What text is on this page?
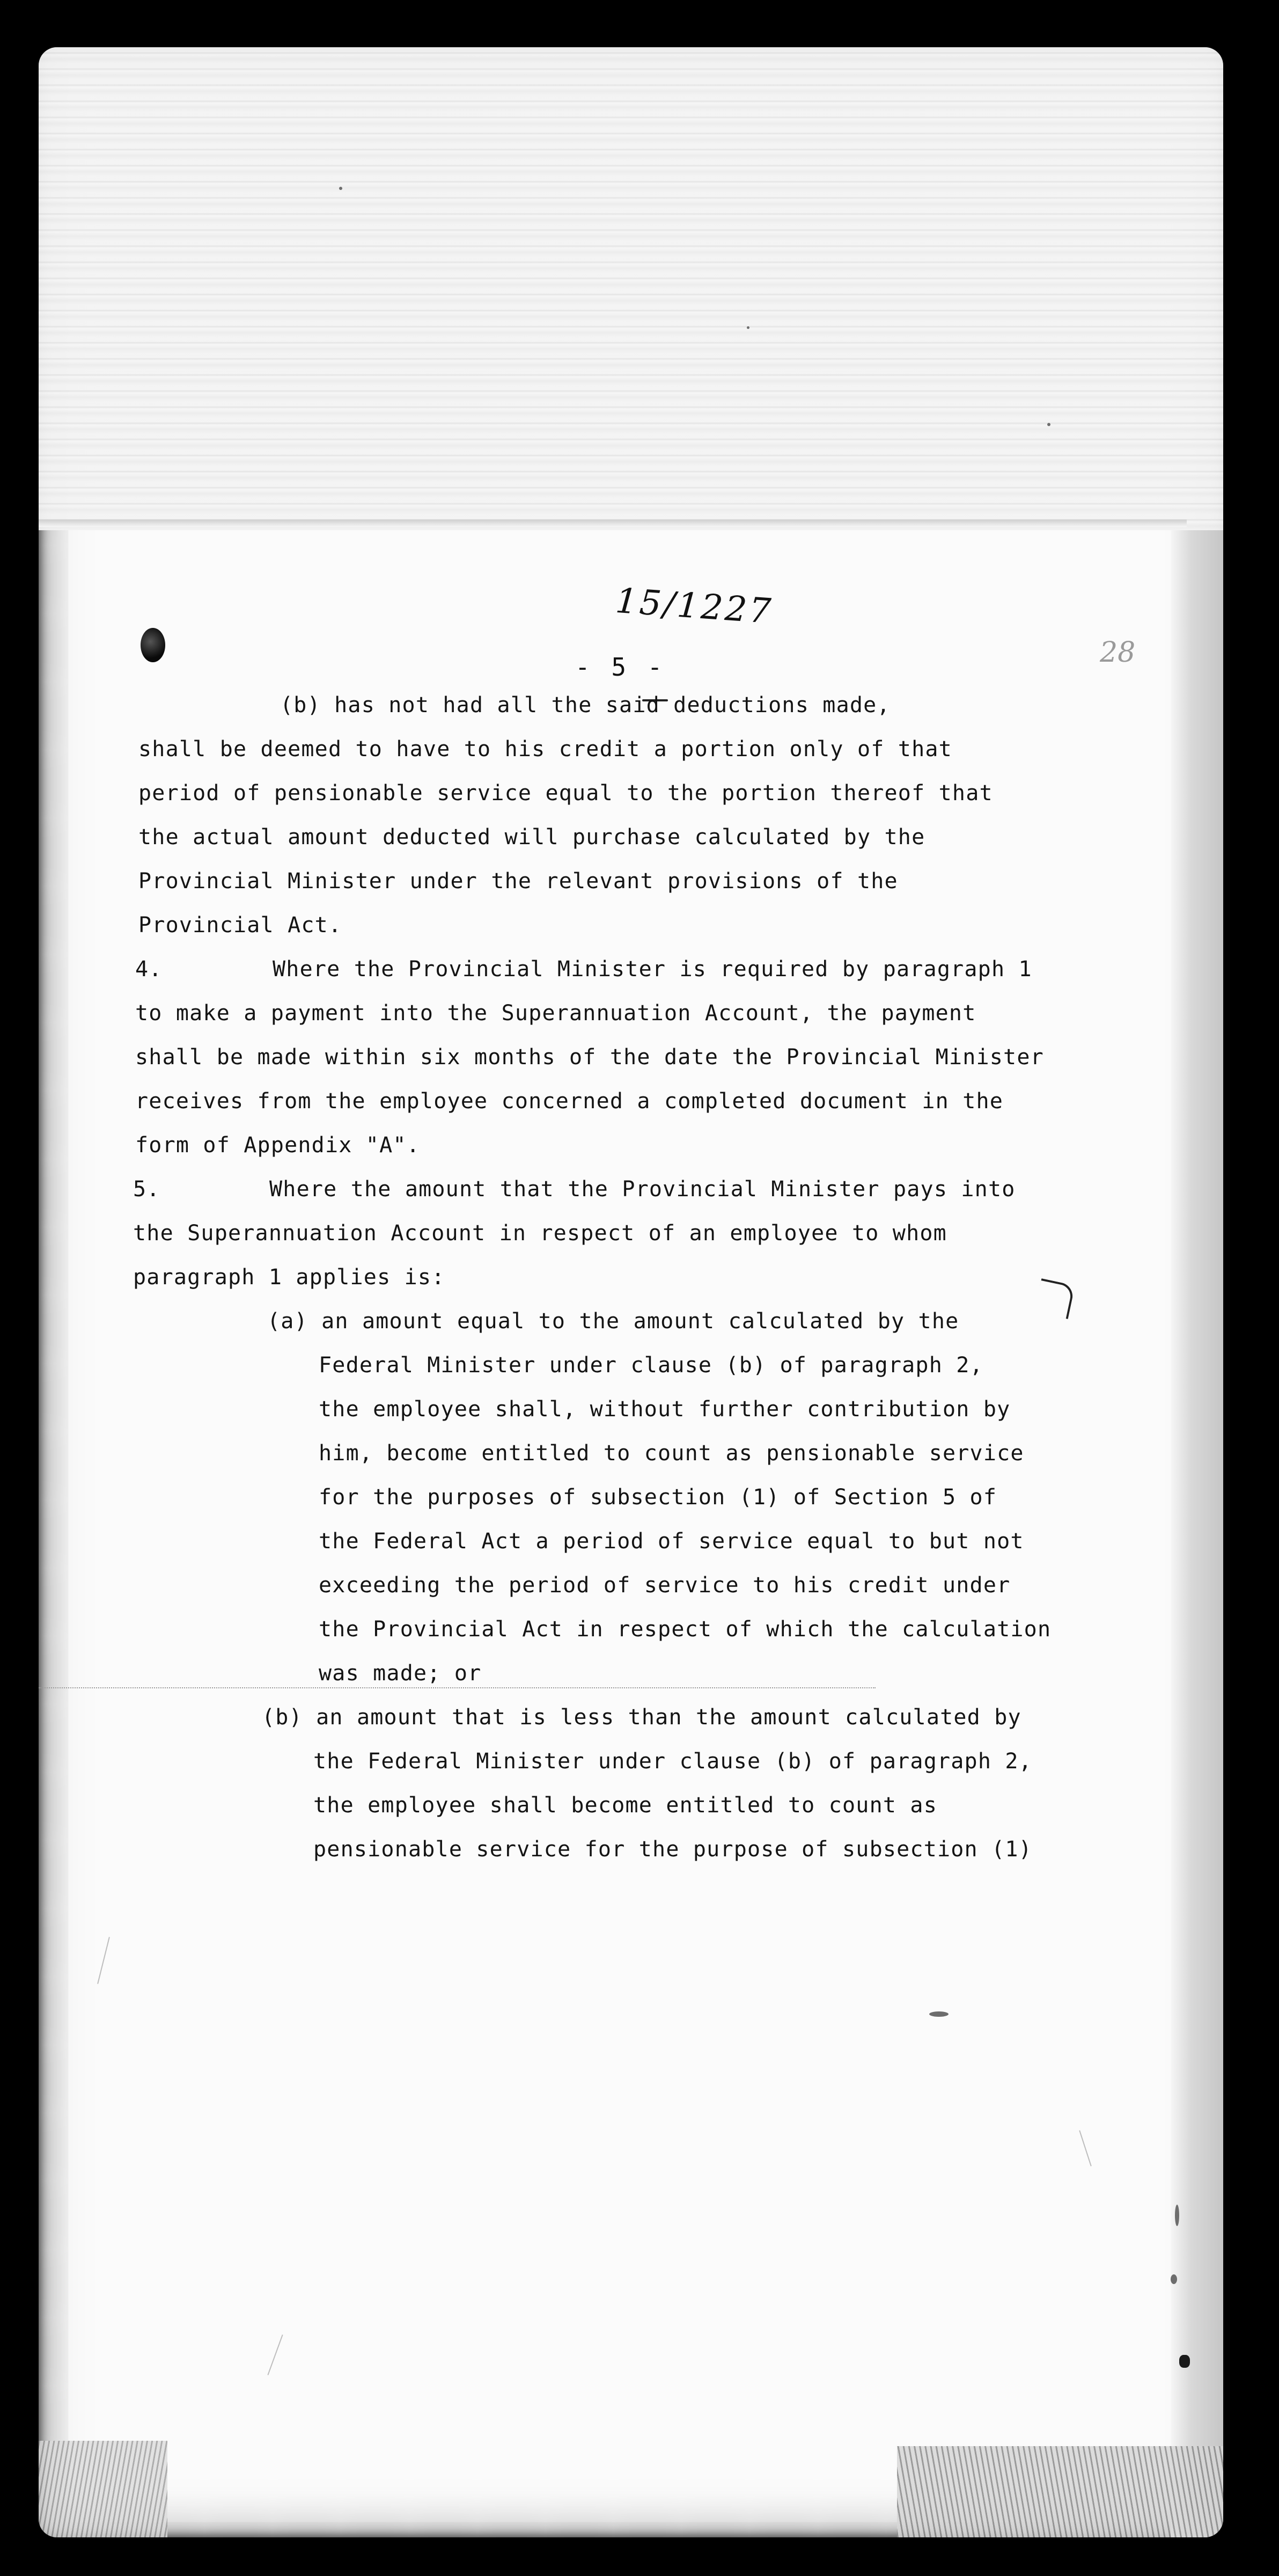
15/1227
28
- 5 -
(b) has not had all the said deductions made,
shall be deemed to have to his credit a portion only of that
period of pensionable service equal to the portion thereof that
the actual amount deducted will purchase calculated by the
Provincial Minister under the relevant provisions of the
Provincial Act.
4.	Where the Provincial Minister is required by paragraph 1
to make a payment into the Superannuation Account, the payment
shall be made within six months of the date the Provincial Minister
receives from the employee concerned a completed document in the
form of Appendix "A".
5.	Where the amount that the Provincial Minister pays into
the Superannuation Account in respect of an employee to whom
paragraph 1 applies is:
(a) an amount equal to the amount calculated by the
Federal Minister under clause (b) of paragraph 2,
the employee shall, without further contribution by
him, become entitled to count as pensionable service
for the purposes of subsection (1) of Section 5 of
the Federal Act a period of service equal to but not
exceeding the period of service to his credit under
the Provincial Act in respect of which the calculation
was made; or
(b) an amount that is less than the amount calculated by
the Federal Minister under clause (b) of paragraph 2,
the employee shall become entitled to count as
pensionable service for the purpose of subsection (1)
